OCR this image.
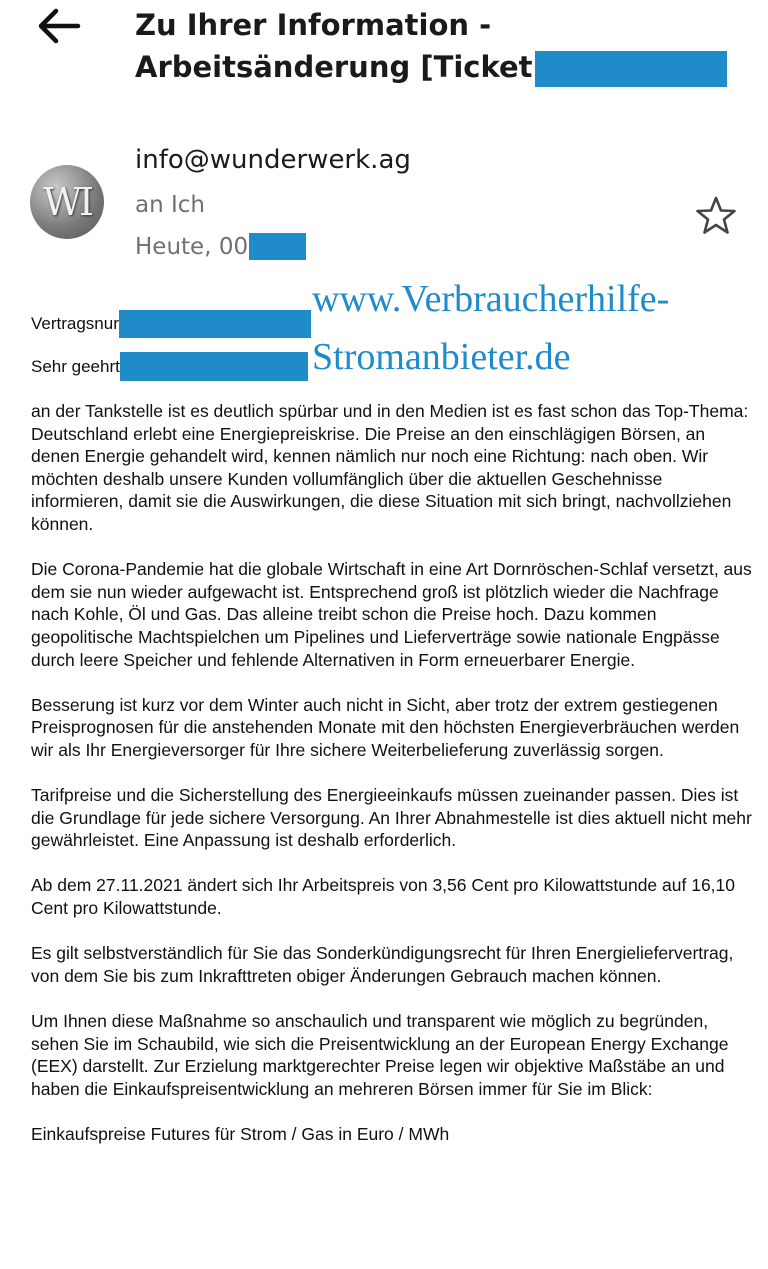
Zu Ihrer Information -
Arbeitsänderung [Ticket
WI
info@wunderwerk.ag
an Ich
Heute, 00
Vertragsnur
Sehr geehrt
www.Verbraucherhilfe-
Stromanbieter.de

an der Tankstelle ist es deutlich spürbar und in den Medien ist es fast schon das Top-Thema: Deutschland erlebt eine Energiepreiskrise. Die Preise an den einschlägigen Börsen, an denen Energie gehandelt wird, kennen nämlich nur noch eine Richtung: nach oben. Wir möchten deshalb unsere Kunden vollumfänglich über die aktuellen Geschehnisse informieren, damit sie die Auswirkungen, die diese Situation mit sich bringt, nachvollziehen können.

Die Corona-Pandemie hat die globale Wirtschaft in eine Art Dornröschen-Schlaf versetzt, aus dem sie nun wieder aufgewacht ist. Entsprechend groß ist plötzlich wieder die Nachfrage nach Kohle, Öl und Gas. Das alleine treibt schon die Preise hoch. Dazu kommen geopolitische Machtspielchen um Pipelines und Lieferverträge sowie nationale Engpässe durch leere Speicher und fehlende Alternativen in Form erneuerbarer Energie.

Besserung ist kurz vor dem Winter auch nicht in Sicht, aber trotz der extrem gestiegenen Preisprognosen für die anstehenden Monate mit den höchsten Energieverbräuchen werden wir als Ihr Energieversorger für Ihre sichere Weiterbelieferung zuverlässig sorgen.

Tarifpreise und die Sicherstellung des Energieeinkaufs müssen zueinander passen. Dies ist die Grundlage für jede sichere Versorgung. An Ihrer Abnahmestelle ist dies aktuell nicht mehr gewährleistet. Eine Anpassung ist deshalb erforderlich.

Ab dem 27.11.2021 ändert sich Ihr Arbeitspreis von 3,56 Cent pro Kilowattstunde auf 16,10 Cent pro Kilowattstunde.

Es gilt selbstverständlich für Sie das Sonderkündigungsrecht für Ihren Energieliefervertrag, von dem Sie bis zum Inkrafttreten obiger Änderungen Gebrauch machen können.

Um Ihnen diese Maßnahme so anschaulich und transparent wie möglich zu begründen, sehen Sie im Schaubild, wie sich die Preisentwicklung an der European Energy Exchange (EEX) darstellt. Zur Erzielung marktgerechter Preise legen wir objektive Maßstäbe an und haben die Einkaufspreisentwicklung an mehreren Börsen immer für Sie im Blick:

Einkaufspreise Futures für Strom / Gas in Euro / MWh
